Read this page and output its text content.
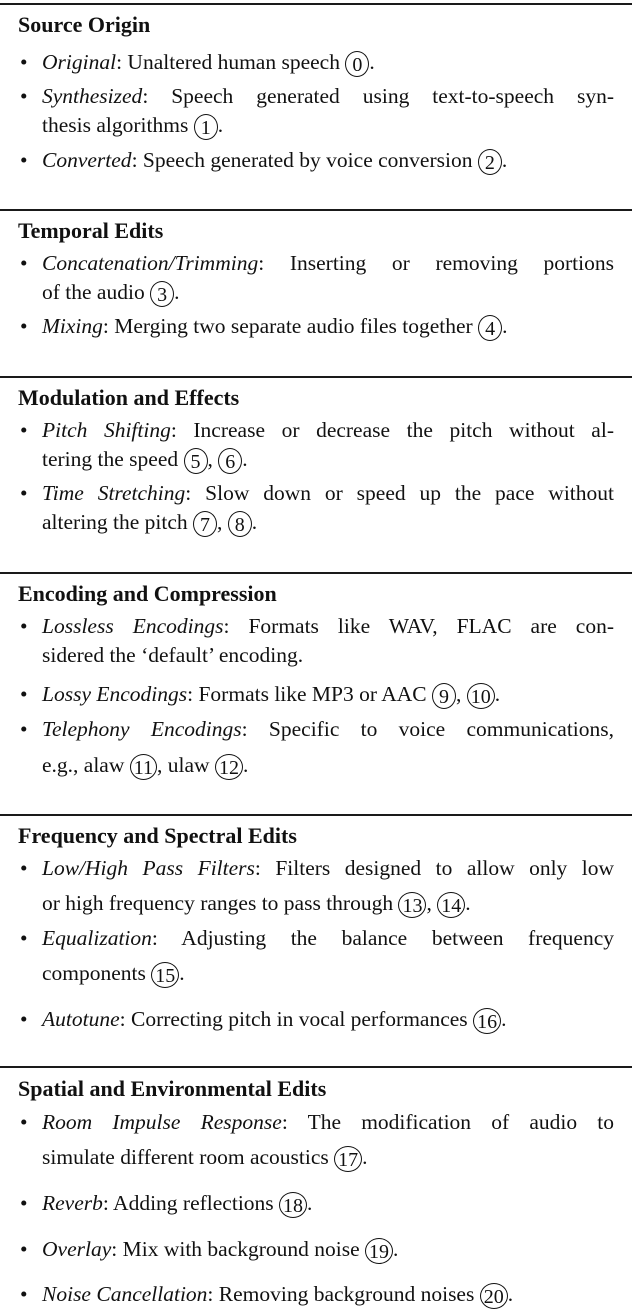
Source Origin
• Original: Unaltered human speech 0 .
• Synthesized: Speech generated using text-to-speech syn-
thesis algorithms 1 .
• Converted: Speech generated by voice conversion 2 .
Temporal Edits
• Concatenation/Trimming: Inserting or removing portions
of the audio 3 .
• Mixing: Merging two separate audio files together 4 .
Modulation and Effects
• Pitch Shifting: Increase or decrease the pitch without al-
tering the speed 5 , 6 .
• Time Stretching: Slow down or speed up the pace without
altering the pitch 7 , 8 .
Encoding and Compression
• Lossless Encodings: Formats like WAV, FLAC are con-
sidered the ‘default’ encoding.
• Lossy Encodings: Formats like MP3 or AAC 9 , 10 .
• Telephony Encodings: Specific to voice communications,
e.g., alaw 11 , ulaw 12 .
Frequency and Spectral Edits
• Low/High Pass Filters: Filters designed to allow only low
or high frequency ranges to pass through 13 , 14 .
• Equalization: Adjusting the balance between frequency
components 15 .
• Autotune: Correcting pitch in vocal performances 16 .
Spatial and Environmental Edits
• Room Impulse Response: The modification of audio to
simulate different room acoustics 17 .
• Reverb: Adding reflections 18 .
• Overlay: Mix with background noise 19 .
• Noise Cancellation: Removing background noises 20 .
